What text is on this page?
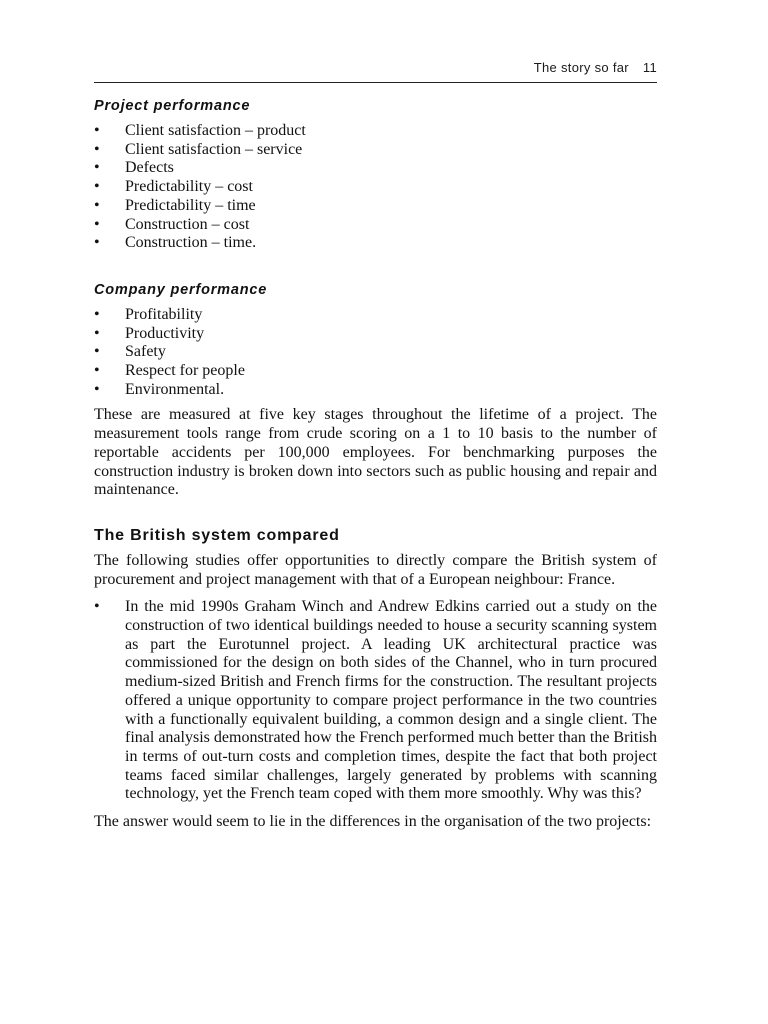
The story so far 11
Project performance
• Client satisfaction – product
• Client satisfaction – service
• Defects
• Predictability – cost
• Predictability – time
• Construction – cost
• Construction – time.
Company performance
• Profitability
• Productivity
• Safety
• Respect for people
• Environmental.

These are measured at five key stages throughout the lifetime of a project. The measurement tools range from crude scoring on a 1 to 10 basis to the number of reportable accidents per 100,000 employees. For benchmarking purposes the construction industry is broken down into sectors such as public housing and repair and maintenance.

The British system compared

The following studies offer opportunities to directly compare the British system of procurement and project management with that of a European neighbour: France.

• In the mid 1990s Graham Winch and Andrew Edkins carried out a study on the construction of two identical buildings needed to house a security scanning system as part the Eurotunnel project. A leading UK architectural practice was commissioned for the design on both sides of the Channel, who in turn procured medium-sized British and French firms for the construction. The resultant projects offered a unique opportunity to compare project performance in the two countries with a functionally equivalent building, a common design and a single client. The final analysis demonstrated how the French performed much better than the British in terms of out-turn costs and completion times, despite the fact that both project teams faced similar challenges, largely generated by problems with scanning technology, yet the French team coped with them more smoothly. Why was this?

The answer would seem to lie in the differences in the organisation of the two projects:
